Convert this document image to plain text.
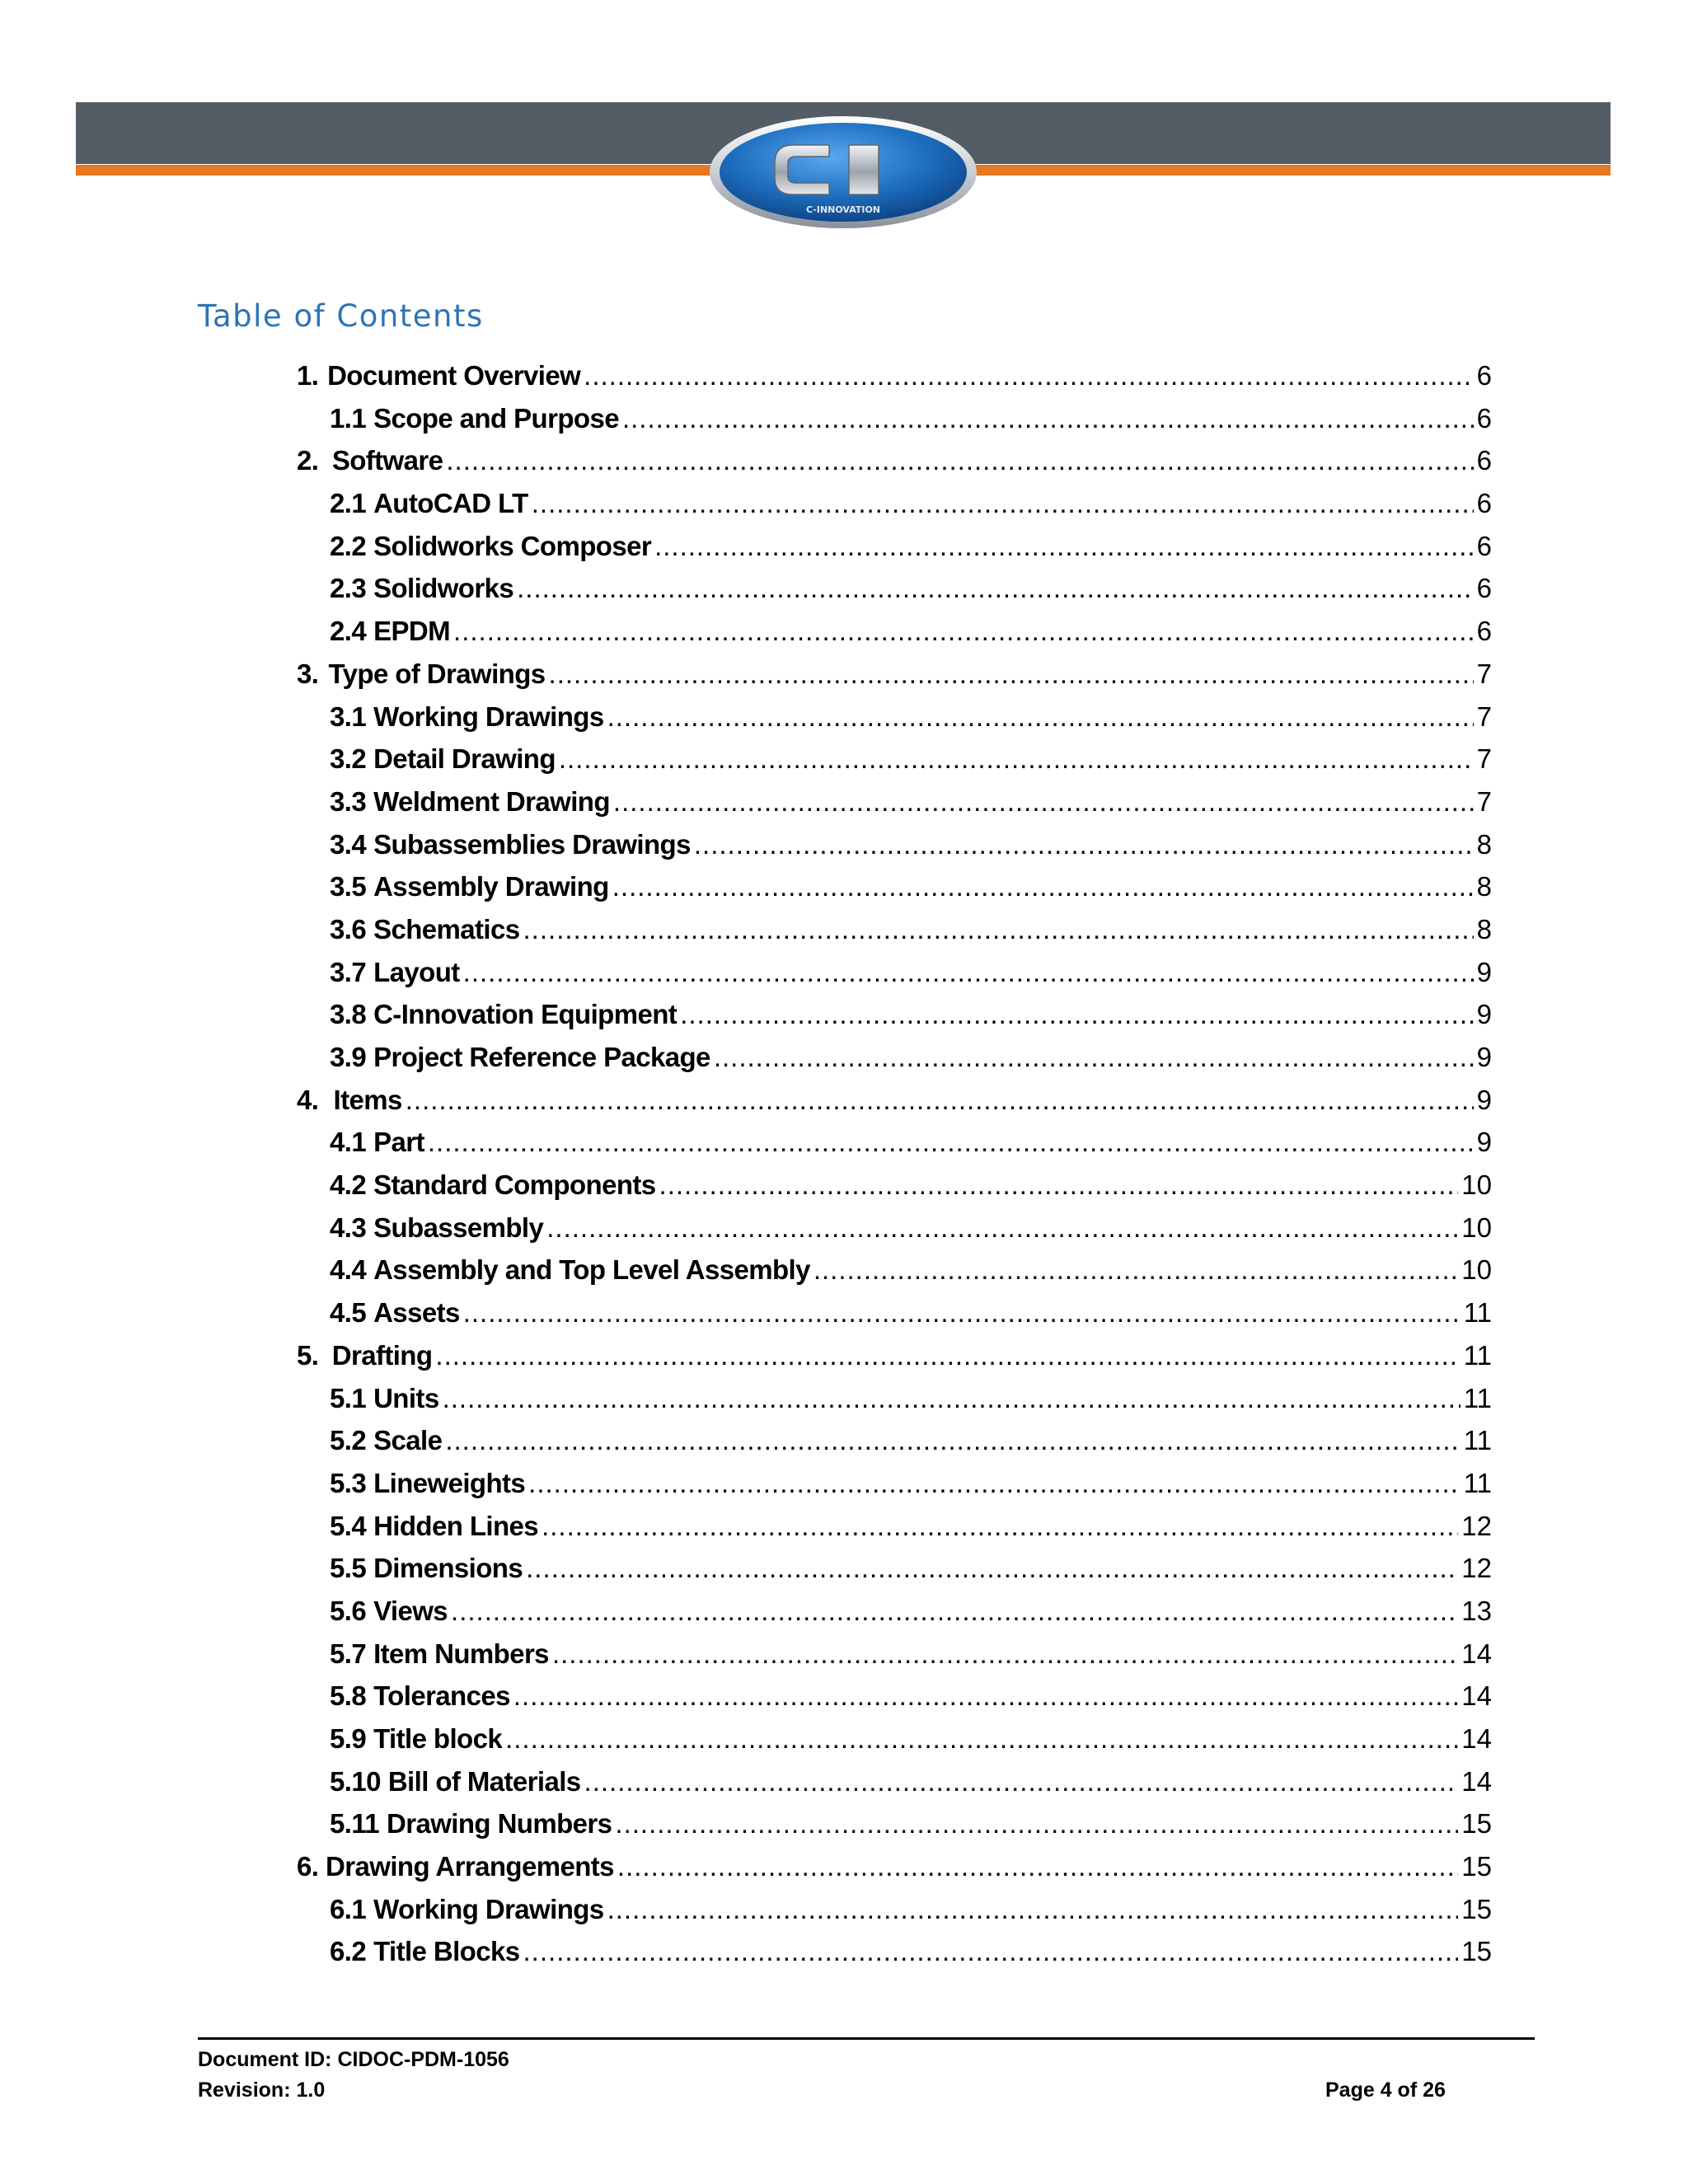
C-INNOVATION
Table of Contents
1. Document Overview .....	6
1.1 Scope and Purpose .....	6
2. Software .....	6
2.1 AutoCAD LT .....	6
2.2 Solidworks Composer .....	6
2.3 Solidworks .....	6
2.4 EPDM .....	6
3. Type of Drawings .....	7
3.1 Working Drawings .....	7
3.2 Detail Drawing .....	7
3.3 Weldment Drawing .....	7
3.4 Subassemblies Drawings .....	8
3.5 Assembly Drawing .....	8
3.6 Schematics .....	8
3.7 Layout .....	9
3.8 C-Innovation Equipment .....	9
3.9 Project Reference Package .....	9
4. Items .....	9
4.1 Part .....	9
4.2 Standard Components .....	10
4.3 Subassembly .....	10
4.4 Assembly and Top Level Assembly .....	10
4.5 Assets .....	11
5. Drafting .....	11
5.1 Units .....	11
5.2 Scale .....	11
5.3 Lineweights .....	11
5.4 Hidden Lines .....	12
5.5 Dimensions .....	12
5.6 Views .....	13
5.7 Item Numbers .....	14
5.8 Tolerances .....	14
5.9 Title block .....	14
5.10 Bill of Materials .....	14
5.11 Drawing Numbers .....	15
6. Drawing Arrangements .....	15
6.1 Working Drawings .....	15
6.2 Title Blocks .....	15
Document ID: CIDOC-PDM-1056
Revision: 1.0	Page 4 of 26
